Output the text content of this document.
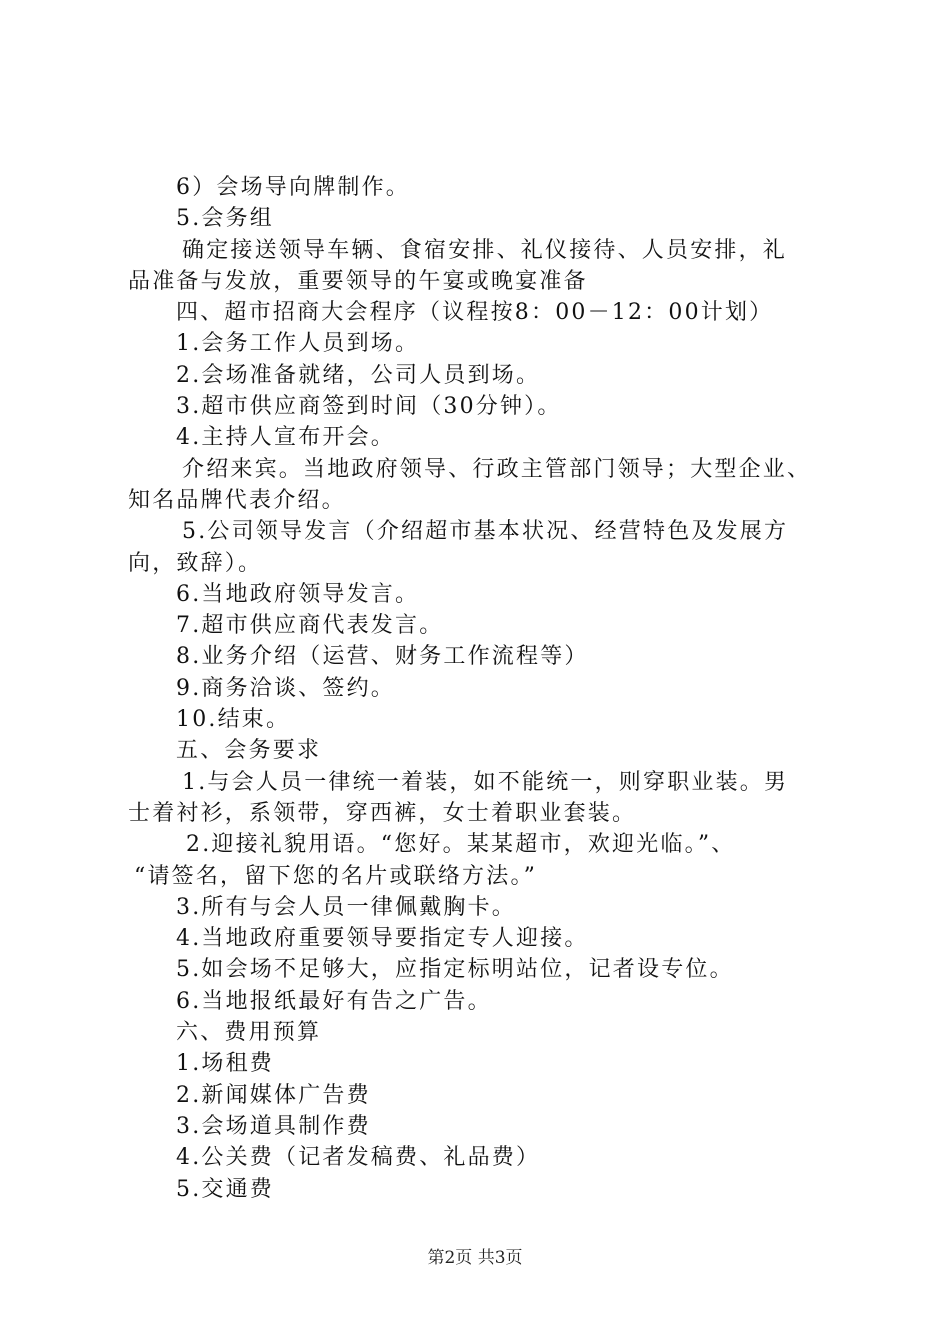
6）会场导向牌制作。
5.会务组
确定接送领导车辆、食宿安排、礼仪接待、人员安排，礼
品准备与发放，重要领导的午宴或晚宴准备
四、超市招商大会程序（议程按8：00－12：00计划）
1.会务工作人员到场。
2.会场准备就绪，公司人员到场。
3.超市供应商签到时间（30分钟）。
4.主持人宣布开会。
介绍来宾。当地政府领导、行政主管部门领导；大型企业、
知名品牌代表介绍。
5.公司领导发言（介绍超市基本状况、经营特色及发展方
向，致辞）。
6.当地政府领导发言。
7.超市供应商代表发言。
8.业务介绍（运营、财务工作流程等）
9.商务洽谈、签约。
10.结束。
五、会务要求
1.与会人员一律统一着装，如不能统一，则穿职业装。男
士着衬衫，系领带，穿西裤，女士着职业套装。
2.迎接礼貌用语。“您好。某某超市，欢迎光临。”、
“请签名，留下您的名片或联络方法。”
3.所有与会人员一律佩戴胸卡。
4.当地政府重要领导要指定专人迎接。
5.如会场不足够大，应指定标明站位，记者设专位。
6.当地报纸最好有告之广告。
六、费用预算
1.场租费
2.新闻媒体广告费
3.会场道具制作费
4.公关费（记者发稿费、礼品费）
5.交通费
第2页 共3页
